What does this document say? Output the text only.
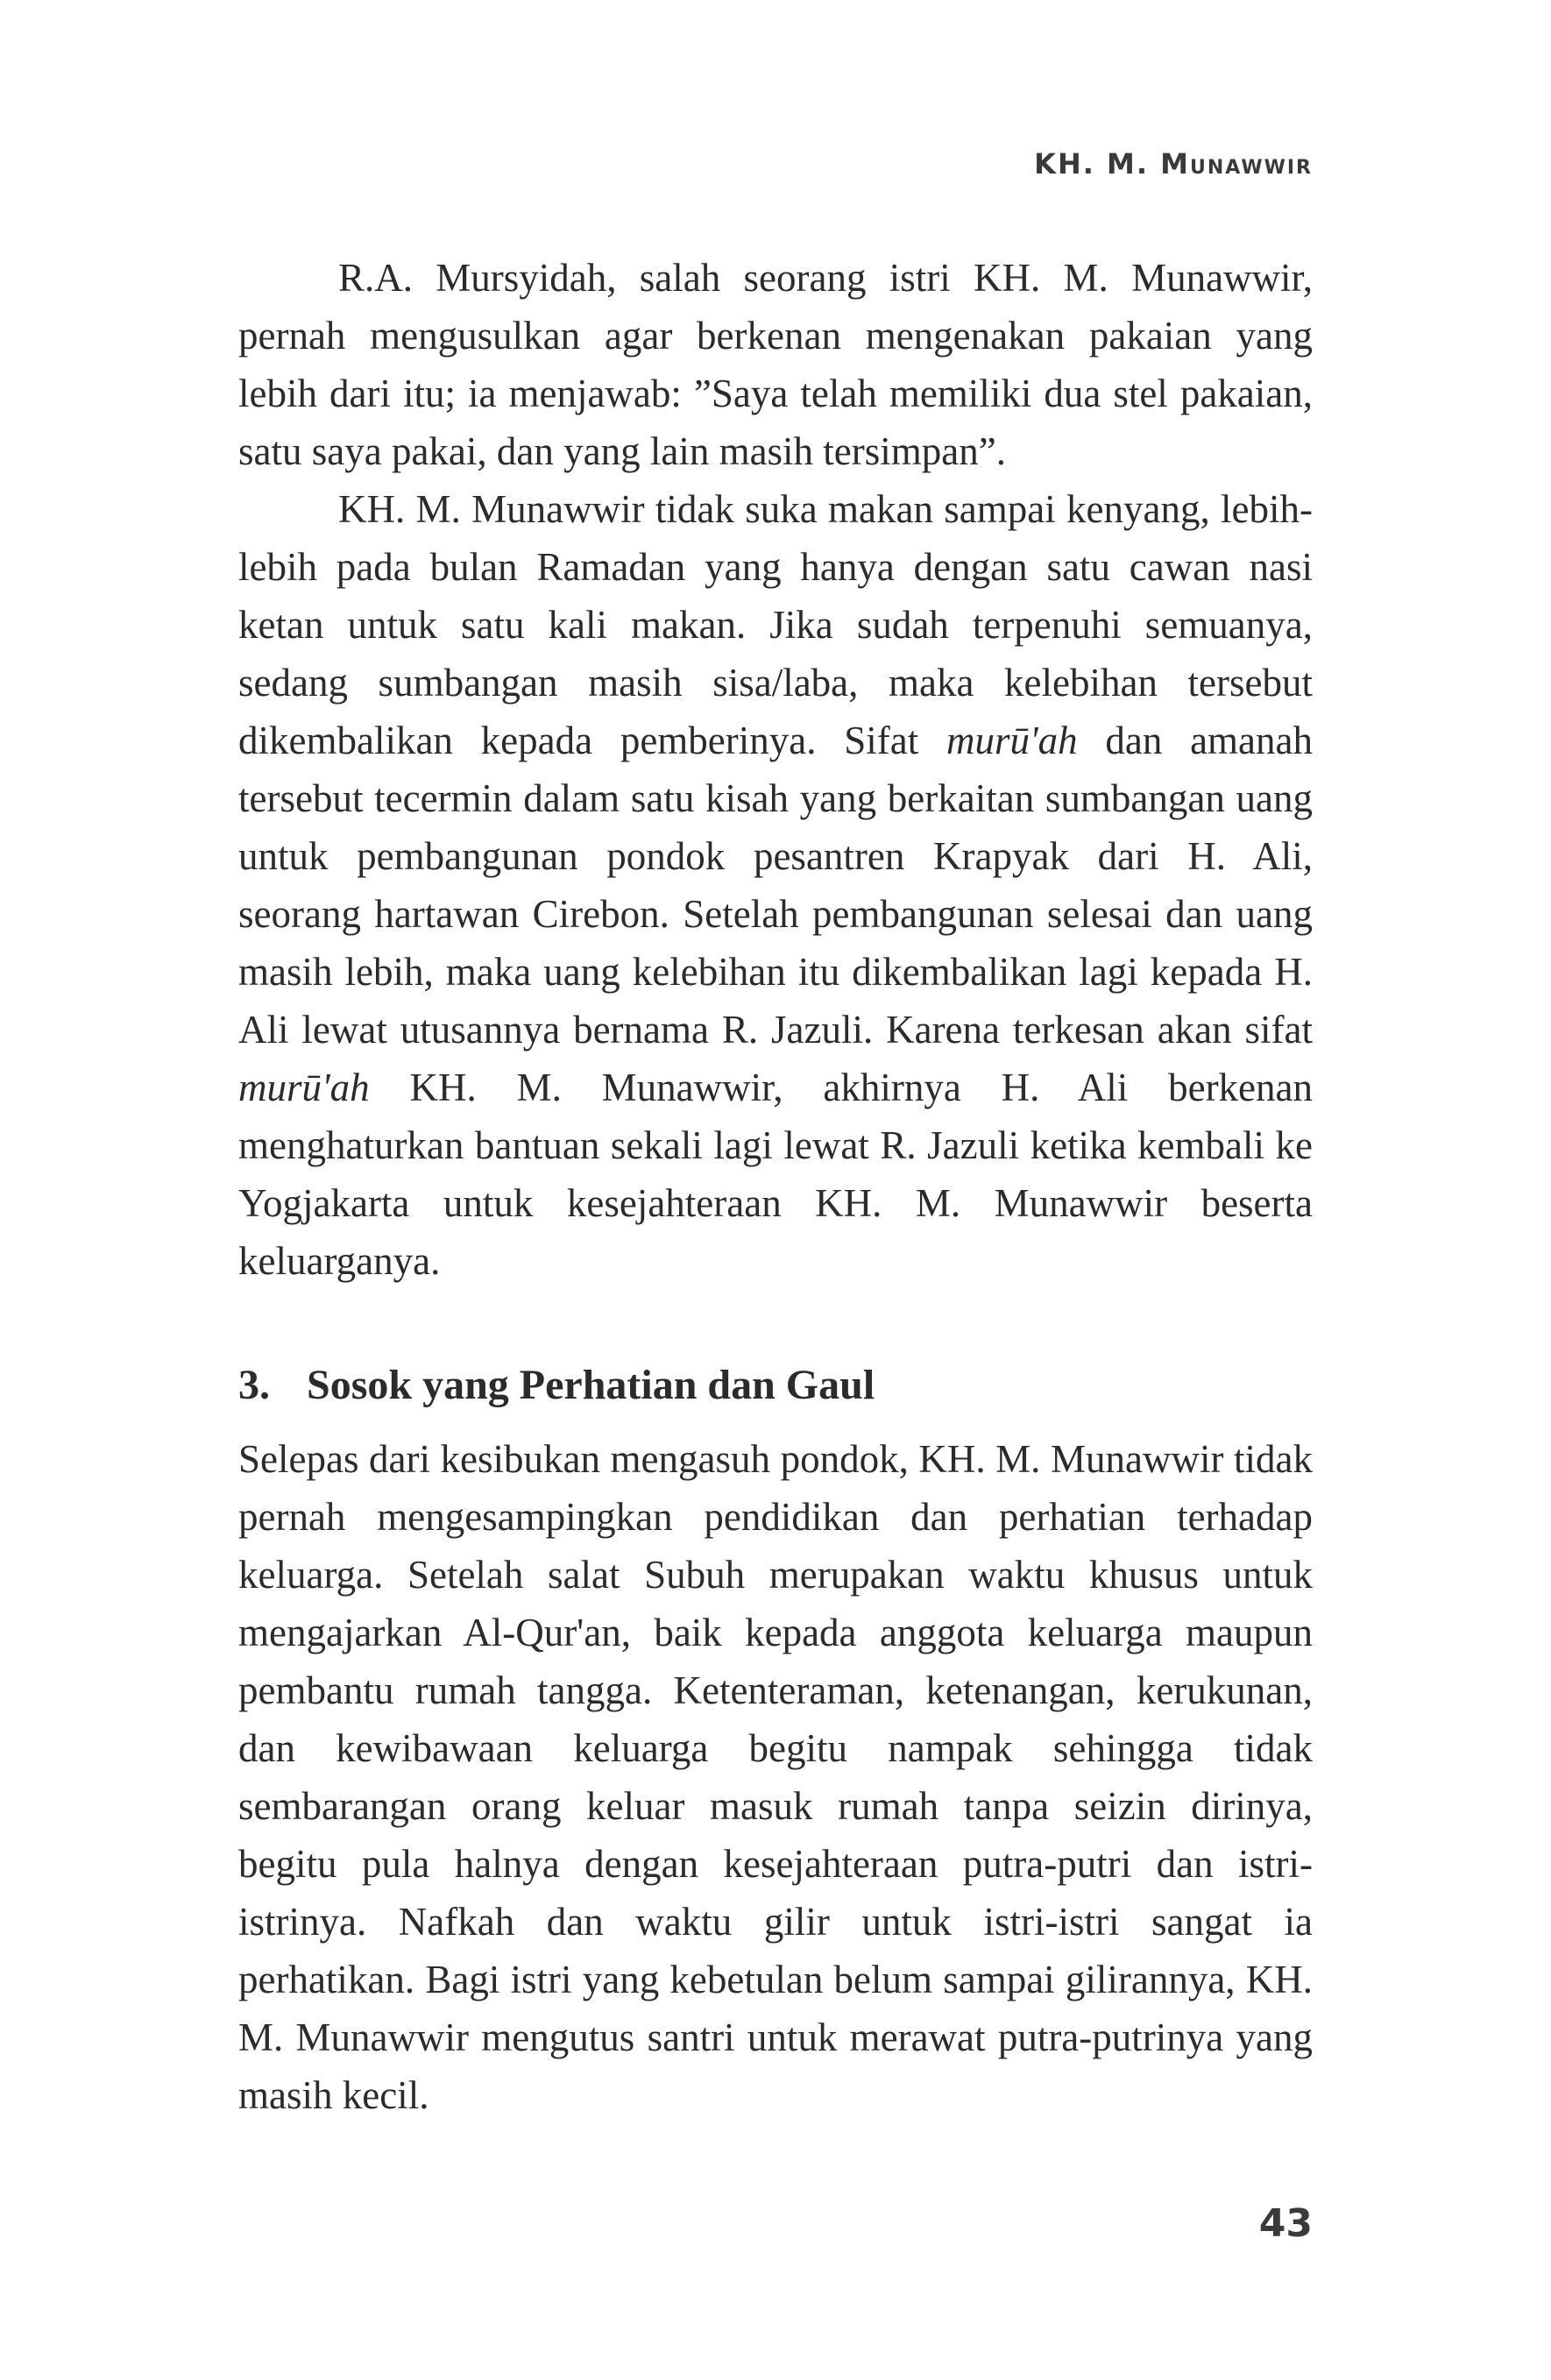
KH. M. Munawwir

R.A. Mursyidah, salah seorang istri KH. M. Munawwir, pernah mengusulkan agar berkenan mengenakan pakaian yang lebih dari itu; ia menjawab: ”Saya telah memiliki dua stel pakaian, satu saya pakai, dan yang lain masih tersimpan”.

KH. M. Munawwir tidak suka makan sampai kenyang, lebih-lebih pada bulan Ramadan yang hanya dengan satu cawan nasi ketan untuk satu kali makan. Jika sudah terpenuhi semuanya, sedang sumbangan masih sisa/laba, maka kelebihan tersebut dikembalikan kepada pemberinya. Sifat murū'ah dan amanah tersebut tecermin dalam satu kisah yang berkaitan sumbangan uang untuk pembangunan pondok pesantren Krapyak dari H. Ali, seorang hartawan Cirebon. Setelah pembangunan selesai dan uang masih lebih, maka uang kelebihan itu dikembalikan lagi kepada H. Ali lewat utusannya bernama R. Jazuli. Karena terkesan akan sifat murū'ah KH. M. Munawwir, akhirnya H. Ali berkenan menghaturkan bantuan sekali lagi lewat R. Jazuli ketika kembali ke Yogjakarta untuk kesejahteraan KH. M. Munawwir beserta keluarganya.

3. Sosok yang Perhatian dan Gaul

Selepas dari kesibukan mengasuh pondok, KH. M. Munawwir tidak pernah mengesampingkan pendidikan dan perhatian terhadap keluarga. Setelah salat Subuh merupakan waktu khusus untuk mengajarkan Al-Qur'an, baik kepada anggota keluarga maupun pembantu rumah tangga. Ketenteraman, ketenangan, kerukunan, dan kewibawaan keluarga begitu nampak sehingga tidak sembarangan orang keluar masuk rumah tanpa seizin dirinya, begitu pula halnya dengan kesejahteraan putra-putri dan istri-istrinya. Nafkah dan waktu gilir untuk istri-istri sangat ia perhatikan. Bagi istri yang kebetulan belum sampai gilirannya, KH. M. Munawwir mengutus santri untuk merawat putra-putrinya yang masih kecil.

43
